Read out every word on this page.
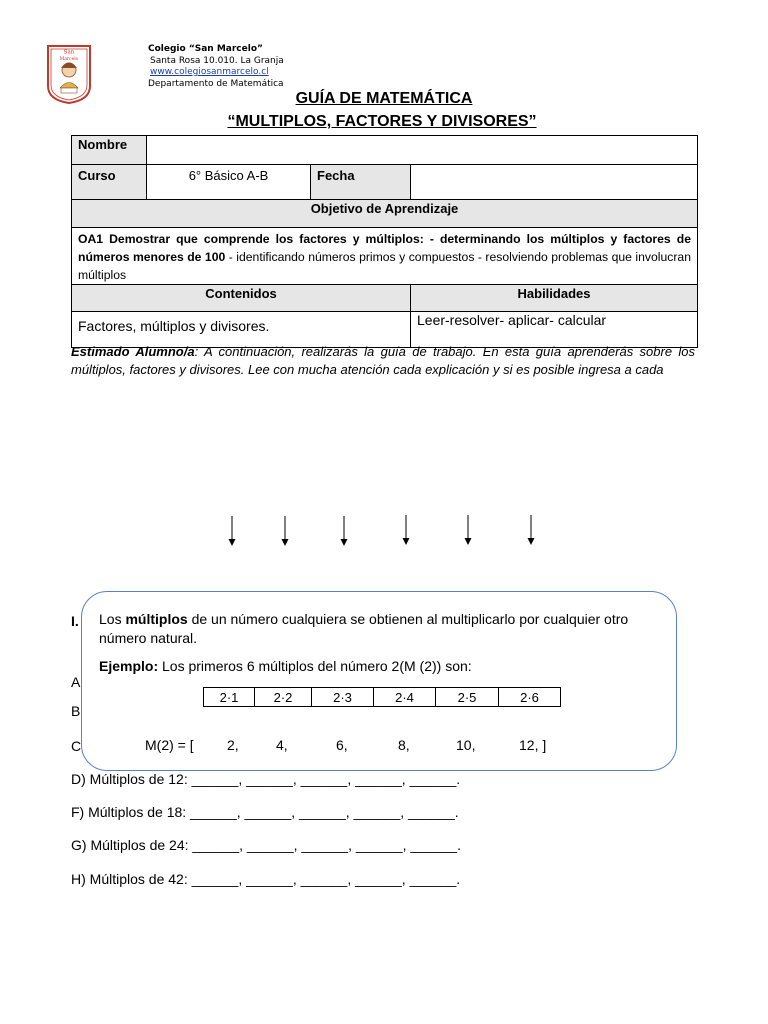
San
Marcelo
Colegio “San Marcelo”
Santa Rosa 10.010. La Granja
www.colegiosanmarcelo.cl
Departamento de Matemática
GUÍA DE MATEMÁTICA
“MULTIPLOS, FACTORES Y DIVISORES”
Nombre			
Curso	6° Básico A-B	Fecha	
Objetivo de Aprendizaje			
OA1 Demostrar que comprende los factores y múltiplos: - determinando los múltiplos y factores de números menores de 100 - identificando números primos y compuestos - resolviendo problemas que involucran múltiplos			
Contenidos			Habilidades
Factores, múltiplos y divisores.			Leer-resolver- aplicar- calcular
Estimado Alumno/a: A continuación, realizarás la guía de trabajo. En esta guía aprenderás sobre los múltiplos, factores y divisores. Lee con mucha atención cada explicación y si es posible ingresa a cada
I.
A
B
C
D) Múltiplos de 12: ______, ______, ______, ______, ______.
F) Múltiplos de 18: ______, ______, ______, ______, ______.
G) Múltiplos de 24: ______, ______, ______, ______, ______.
H) Múltiplos de 42: ______, ______, ______, ______, ______.
Los múltiplos de un número cualquiera se obtienen al multiplicarlo por cualquier otro número natural.
Ejemplo: Los primeros 6 múltiplos del número 2(M (2)) son:
2·1	2·2	2·3	2·4	2·5	2·6
M(2) = [ 2,	4,	6,	8,	10,	12, ]
